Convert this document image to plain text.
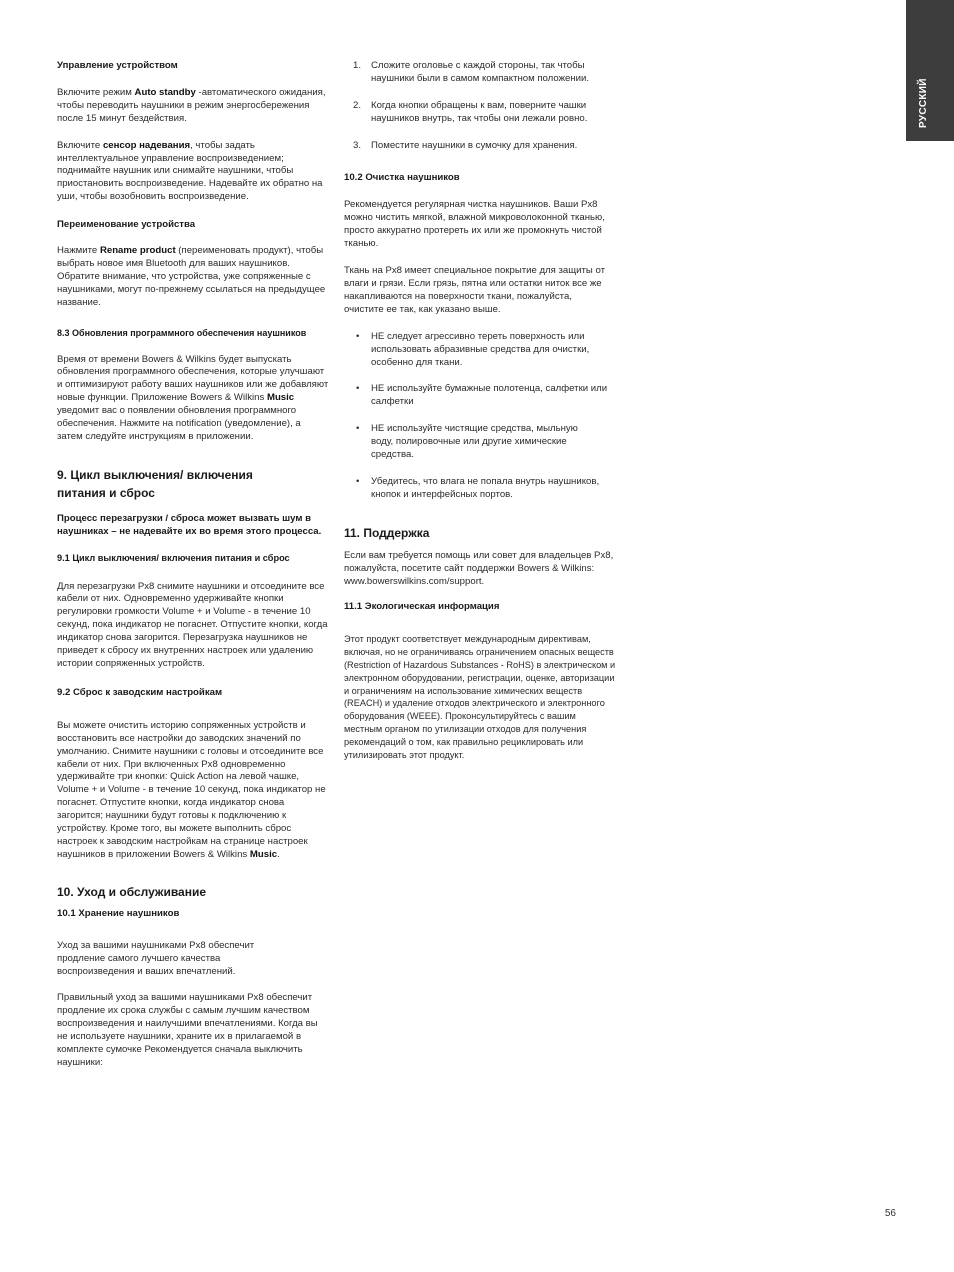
РУССКИЙ

Управление устройством

Включите режим Auto standby -автоматического ожидания, чтобы переводить наушники в режим энергосбережения после 15 минут бездействия.

Включите сенсор надевания, чтобы задать интеллектуальное управление воспроизведением; поднимайте наушник или снимайте наушники, чтобы приостановить воспроизведение. Надевайте их обратно на уши, чтобы возобновить воспроизведение.

Переименование устройства

Нажмите Rename product (переименовать продукт), чтобы выбрать новое имя Bluetooth для ваших наушников. Обратите внимание, что устройства, уже сопряженные с наушниками, могут по-прежнему ссылаться на предыдущее название.

8.3 Обновления программного обеспечения наушников

Время от времени Bowers & Wilkins будет выпускать обновления программного обеспечения, которые улучшают и оптимизируют работу ваших наушников или же добавляют новые функции. Приложение Bowers & Wilkins Music уведомит вас о появлении обновления программного обеспечения. Нажмите на notification (уведомление), а затем следуйте инструкциям в приложении.

9. Цикл выключения/ включения питания и сброс

Процесс перезагрузки / сброса может вызвать шум в наушниках – не надевайте их во время этого процесса.

9.1 Цикл выключения/ включения питания и сброс

Для перезагрузки Px8 снимите наушники и отсоедините все кабели от них. Одновременно удерживайте кнопки регулировки громкости Volume + и Volume - в течение 10 секунд, пока индикатор не погаснет. Отпустите кнопки, когда индикатор снова загорится. Перезагрузка наушников не приведет к сбросу их внутренних настроек или удалению истории сопряженных устройств.

9.2 Сброс к заводским настройкам

Вы можете очистить историю сопряженных устройств и восстановить все настройки до заводских значений по умолчанию. Снимите наушники с головы и отсоедините все кабели от них. При включенных Px8 одновременно удерживайте три кнопки: Quick Action на левой чашке, Volume + и Volume - в течение 10 секунд, пока индикатор не погаснет. Отпустите кнопки, когда индикатор снова загорится; наушники будут готовы к подключению к устройству. Кроме того, вы можете выполнить сброс настроек к заводским настройкам на странице настроек наушников в приложении Bowers & Wilkins Music.

10. Уход и обслуживание

10.1 Хранение наушников

Уход за вашими наушниками Px8 обеспечит продление самого лучшего качества воспроизведения и ваших впечатлений.

Правильный уход за вашими наушниками Px8 обеспечит продление их срока службы с самым лучшим качеством воспроизведения и наилучшими впечатлениями. Когда вы не используете наушники, храните их в прилагаемой в комплекте сумочке Рекомендуется сначала выключить наушники:

1. Сложите оголовье с каждой стороны, так чтобы наушники были в самом компактном положении.

2. Когда кнопки обращены к вам, поверните чашки наушников внутрь, так чтобы они лежали ровно.

3. Поместите наушники в сумочку для хранения.

10.2 Очистка наушников

Рекомендуется регулярная чистка наушников. Ваши Px8 можно чистить мягкой, влажной микроволоконной тканью, просто аккуратно протереть их или же промокнуть чистой тканью.

Ткань на Px8 имеет специальное покрытие для защиты от влаги и грязи. Если грязь, пятна или остатки ниток все же накапливаются на поверхности ткани, пожалуйста, очистите ее так, как указано выше.

• НЕ следует агрессивно тереть поверхность или использовать абразивные средства для очистки, особенно для ткани.

• НЕ используйте бумажные полотенца, салфетки или салфетки

• НЕ используйте чистящие средства, мыльную воду, полировочные или другие химические средства.

• Убедитесь, что влага не попала внутрь наушников, кнопок и интерфейсных портов.

11. Поддержка

Если вам требуется помощь или совет для владельцев Px8, пожалуйста, посетите сайт поддержки Bowers & Wilkins: www.bowerswilkins.com/support.

11.1 Экологическая информация

Этот продукт соответствует международным директивам, включая, но не ограничиваясь ограничением опасных веществ (Restriction of Hazardous Substances - RoHS) в электрическом и электронном оборудовании, регистрации, оценке, авторизации и ограничениям на использование химических веществ (REACH) и удаление отходов электрического и электронного оборудования (WEEE). Проконсультируйтесь с вашим местным органом по утилизации отходов для получения рекомендаций о том, как правильно рециклировать или утилизировать этот продукт.

56
